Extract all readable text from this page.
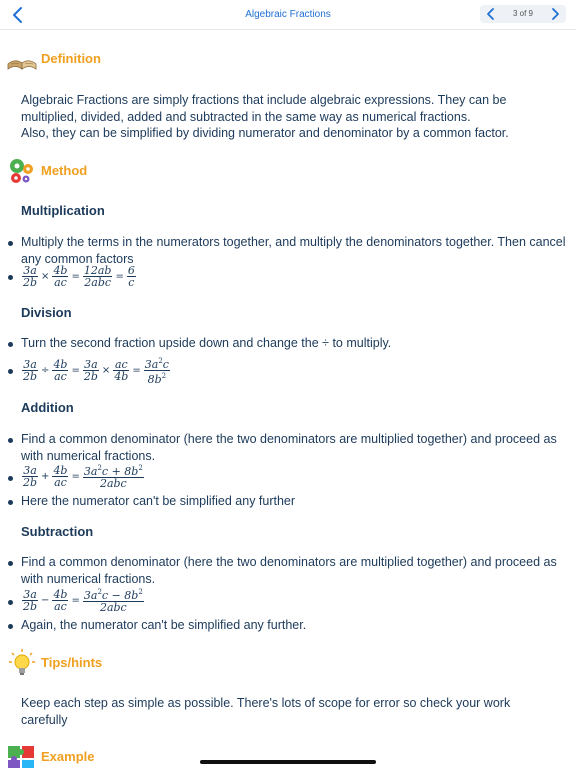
Algebraic Fractions	3 of 9
Definition
Algebraic Fractions are simply fractions that include algebraic expressions. They can be multiplied, divided, added and subtracted in the same way as numerical fractions.
Also, they can be simplified by dividing numerator and denominator by a common factor.
Method
Multiplication
Multiply the terms in the numerators together, and multiply the denominators together. Then cancel any common factors
$\frac{3a}{2b} \times \frac{4b}{ac} = \frac{12ab}{\text{2abc}} = \frac{6}{c}$
Division
Turn the second fraction upside down and change the ÷ to multiply.
$\frac{3a}{2b} \div \frac{4b}{ac} = \frac{3a}{2b} \times \frac{ac}{4b} = \frac{3a^2c}{8b^2}$
Addition
Find a common denominator (here the two denominators are multiplied together) and proceed as with numerical fractions.
$\frac{3a}{2b} + \frac{4b}{ac} = \frac{3a^2c + 8b^2}{\text{2abc}}$
Here the numerator can't be simplified any further
Subtraction
Find a common denominator (here the two denominators are multiplied together) and proceed as with numerical fractions.
$\frac{3a}{2b} - \frac{4b}{ac} = \frac{3a^2c - 8b^2}{\text{2abc}}$
Again, the numerator can't be simplified any further.
Tips/hints
Keep each step as simple as possible. There's lots of scope for error so check your work carefully
Example
